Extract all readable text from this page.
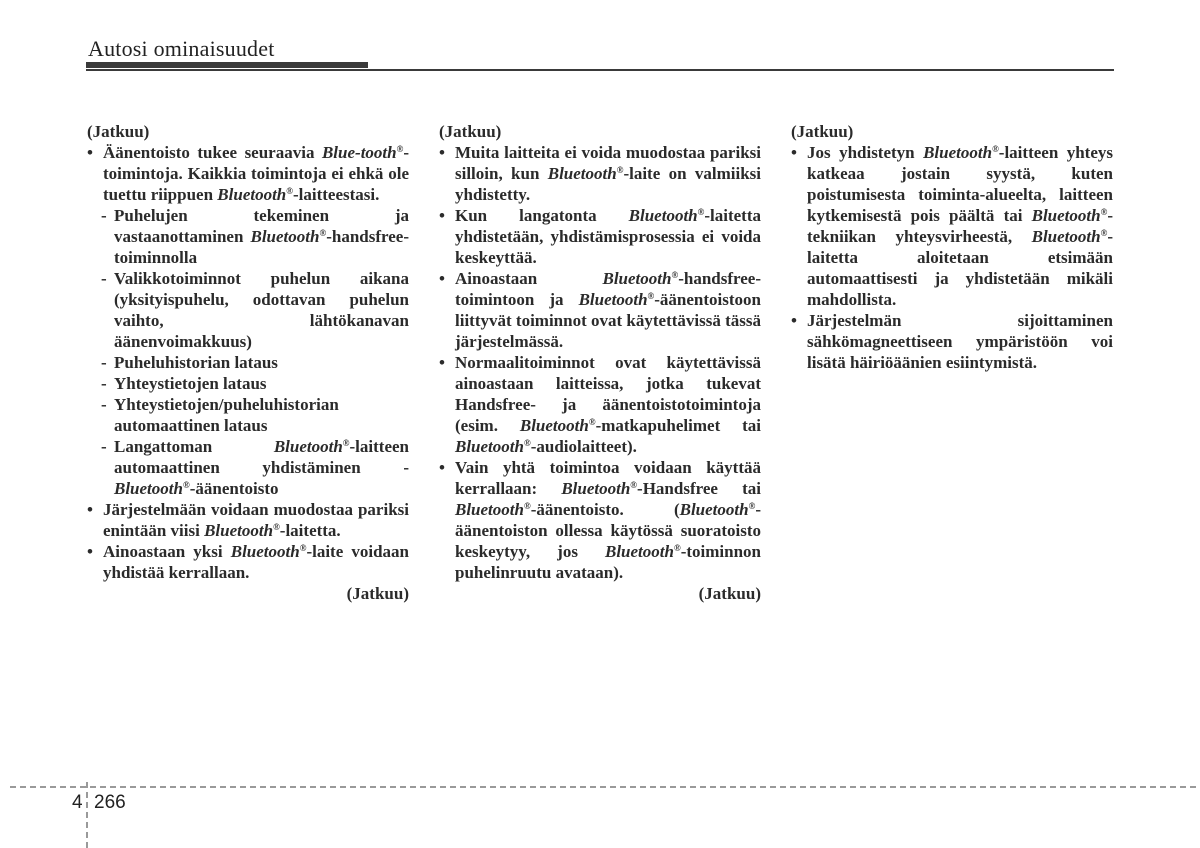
Autosi ominaisuudet

(Jatkuu)

• Äänentoisto tukee seuraavia Blue-tooth®-toimintoja. Kaikkia toimintoja ei ehkä ole tuettu riippuen Bluetooth®-laitteestasi.
- Puhelujen tekeminen ja vastaanottaminen Bluetooth®-handsfree-toiminnolla
- Valikkotoiminnot puhelun aikana (yksityispuhelu, odottavan puhelun vaihto, lähtökanavan äänenvoimakkuus)
- Puheluhistorian lataus
- Yhteystietojen lataus
- Yhteystietojen/puheluhistorian automaattinen lataus
- Langattoman Bluetooth®-laitteen automaattinen yhdistäminen - Bluetooth®-äänentoisto
• Järjestelmään voidaan muodostaa pariksi enintään viisi Bluetooth®-laitetta.
• Ainoastaan yksi Bluetooth®-laite voidaan yhdistää kerrallaan.

(Jatkuu)

(Jatkuu)

• Muita laitteita ei voida muodostaa pariksi silloin, kun Bluetooth®-laite on valmiiksi yhdistetty.
• Kun langatonta Bluetooth®-laitetta yhdistetään, yhdistämisprosessia ei voida keskeyttää.
• Ainoastaan Bluetooth®-handsfree-toimintoon ja Bluetooth®-äänentoistoon liittyvät toiminnot ovat käytettävissä tässä järjestelmässä.
• Normaalitoiminnot ovat käytettävissä ainoastaan laitteissa, jotka tukevat Handsfree- ja äänentoistotoimintoja (esim. Bluetooth®-matkapuhelimet tai Bluetooth®-audiolaitteet).
• Vain yhtä toimintoa voidaan käyttää kerrallaan: Bluetooth®-Handsfree tai Bluetooth®-äänentoisto. (Bluetooth®-äänentoiston ollessa käytössä suoratoisto keskeytyy, jos Bluetooth®-toiminnon puhelinruutu avataan).

(Jatkuu)

(Jatkuu)

• Jos yhdistetyn Bluetooth®-laitteen yhteys katkeaa jostain syystä, kuten poistumisesta toiminta-alueelta, laitteen kytkemisestä pois päältä tai Bluetooth®-tekniikan yhteysvirheestä, Bluetooth®-laitetta aloitetaan etsimään automaattisesti ja yhdistetään mikäli mahdollista.
• Järjestelmän sijoittaminen sähkömagneettiseen ympäristöön voi lisätä häiriöäänien esiintymistä.
4 266
